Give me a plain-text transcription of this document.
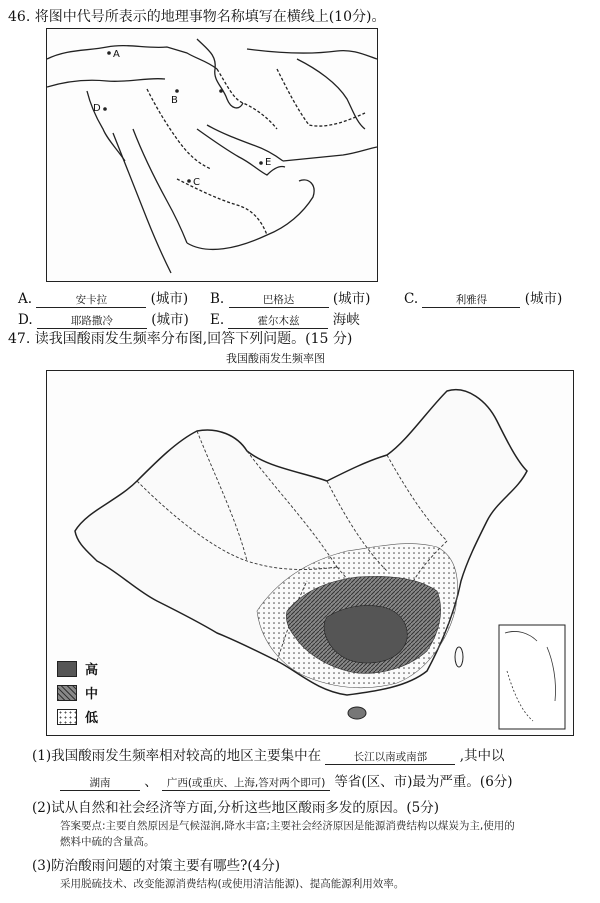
46. 将图中代号所表示的地理事物名称填写在横线上(10分)。
A
B
C
D
E
A.	安卡拉	(城市) B.	巴格达	(城市) C.	利雅得	(城市)
D.	耶路撒冷	(城市) E.	霍尔木兹 海峡
47. 读我国酸雨发生频率分布图,回答下列问题。(15 分)
我国酸雨发生频率图
高
中
低
(1)我国酸雨发生频率相对较高的地区主要集中在	长江以南或南部 ,其中以
湖南	、 广西(或重庆、上海,答对两个即可) 等省(区、市)最为严重。(6分)
(2)试从自然和社会经济等方面,分析这些地区酸雨多发的原因。(5分)
答案要点:主要自然原因是气候湿润,降水丰富;主要社会经济原因是能源消费结构以煤炭为主,使用的
燃料中硫的含量高。
(3)防治酸雨问题的对策主要有哪些?(4分)
采用脱硫技术、改变能源消费结构(或使用清洁能源)、提高能源利用效率。
